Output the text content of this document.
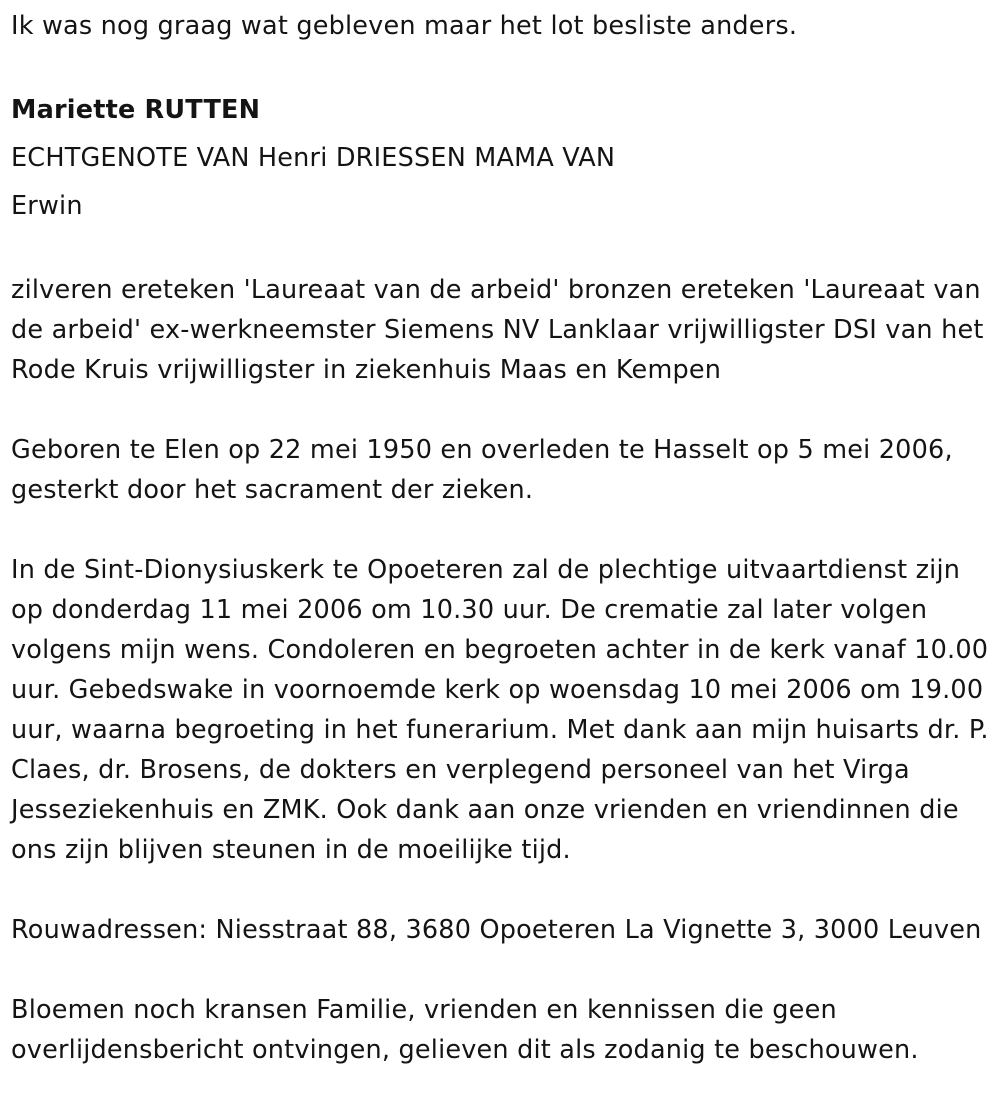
Ik was nog graag wat gebleven maar het lot besliste anders.

Mariette RUTTEN

ECHTGENOTE VAN Henri DRIESSEN MAMA VAN

Erwin

zilveren ereteken 'Laureaat van de arbeid' bronzen ereteken 'Laureaat van de arbeid' ex-werkneemster Siemens NV Lanklaar vrijwilligster DSI van het Rode Kruis vrijwilligster in ziekenhuis Maas en Kempen

Geboren te Elen op 22 mei 1950 en overleden te Hasselt op 5 mei 2006, gesterkt door het sacrament der zieken.

In de Sint-Dionysiuskerk te Opoeteren zal de plechtige uitvaartdienst zijn op donderdag 11 mei 2006 om 10.30 uur. De crematie zal later volgen volgens mijn wens. Condoleren en begroeten achter in de kerk vanaf 10.00 uur. Gebedswake in voornoemde kerk op woensdag 10 mei 2006 om 19.00 uur, waarna begroeting in het funerarium. Met dank aan mijn huisarts dr. P. Claes, dr. Brosens, de dokters en verplegend personeel van het Virga Jesseziekenhuis en ZMK. Ook dank aan onze vrienden en vriendinnen die ons zijn blijven steunen in de moeilijke tijd.

Rouwadressen: Niesstraat 88, 3680 Opoeteren La Vignette 3, 3000 Leuven

Bloemen noch kransen Familie, vrienden en kennissen die geen overlijdensbericht ontvingen, gelieven dit als zodanig te beschouwen.
